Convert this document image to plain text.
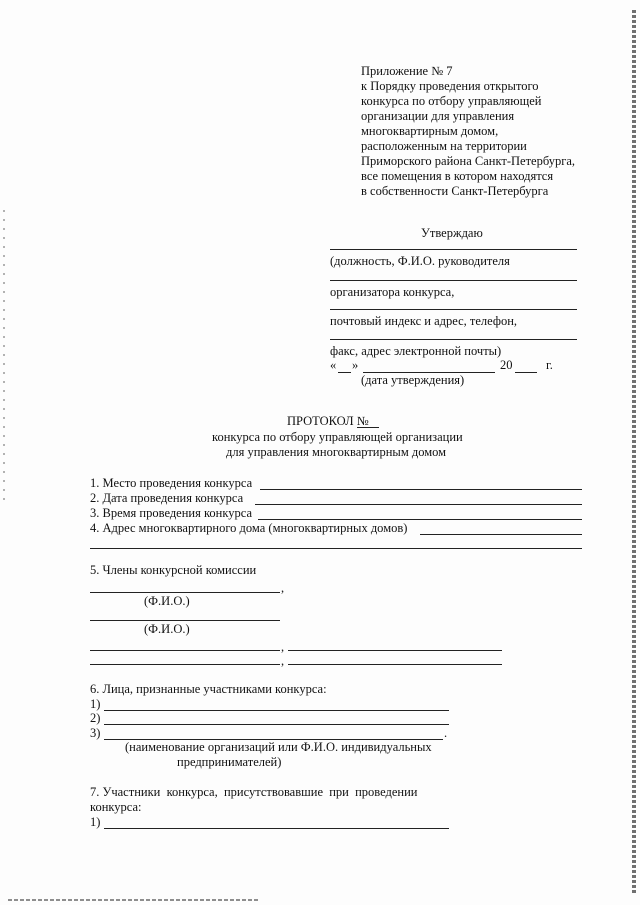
Приложение № 7
к Порядку проведения открытого
конкурса по отбору управляющей
организации для управления
многоквартирным домом,
расположенным на территории
Приморского района Санкт-Петербурга,
все помещения в котором находятся
в собственности Санкт-Петербурга
Утверждаю
(должность, Ф.И.О. руководителя
организатора конкурса,
почтовый индекс и адрес, телефон,
факс, адрес электронной почты)
« »	20	г.
(дата утверждения)
ПРОТОКОЛ №
конкурса по отбору управляющей организации
для управления многоквартирным домом
1. Место проведения конкурса
2. Дата проведения конкурса
3. Время проведения конкурса
4. Адрес многоквартирного дома (многоквартирных домов)
5. Члены конкурсной комиссии
,
(Ф.И.О.)
(Ф.И.О.)
,
,
6. Лица, признанные участниками конкурса:
1)
2)
3)	.
(наименование организаций или Ф.И.О. индивидуальных
предпринимателей)
7. Участники  конкурса,  присутствовавшие  при  проведении
конкурса:
1)
